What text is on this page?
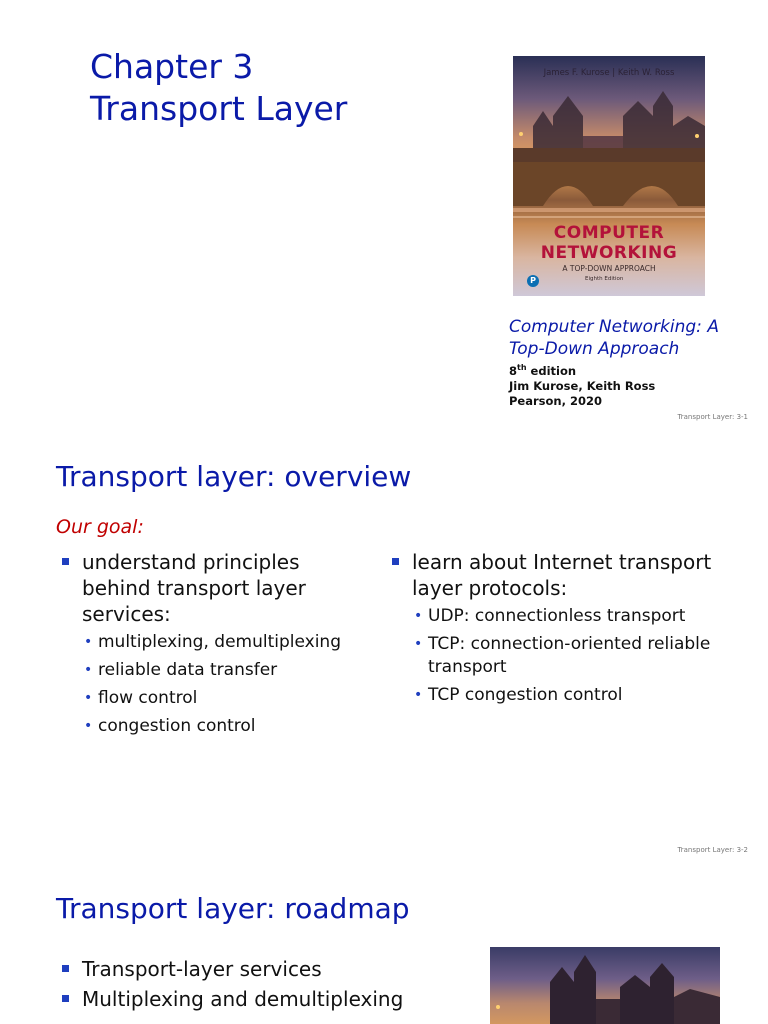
Chapter 3
Transport Layer
James F. Kurose | Keith W. Ross
COMPUTER
NETWORKING
A TOP-DOWN APPROACH
Eighth Edition
P
Computer Networking: A
Top-Down Approach
8th edition
Jim Kurose, Keith Ross
Pearson, 2020
Transport Layer: 3-1
Transport layer: overview
Our goal:
understand principles behind transport layer services:
• multiplexing, demultiplexing
• reliable data transfer
• flow control
• congestion control
learn about Internet transport layer protocols:
• UDP: connectionless transport
• TCP: connection-oriented reliable transport
• TCP congestion control
Transport Layer: 3-2
Transport layer: roadmap
Transport-layer services
Multiplexing and demultiplexing
